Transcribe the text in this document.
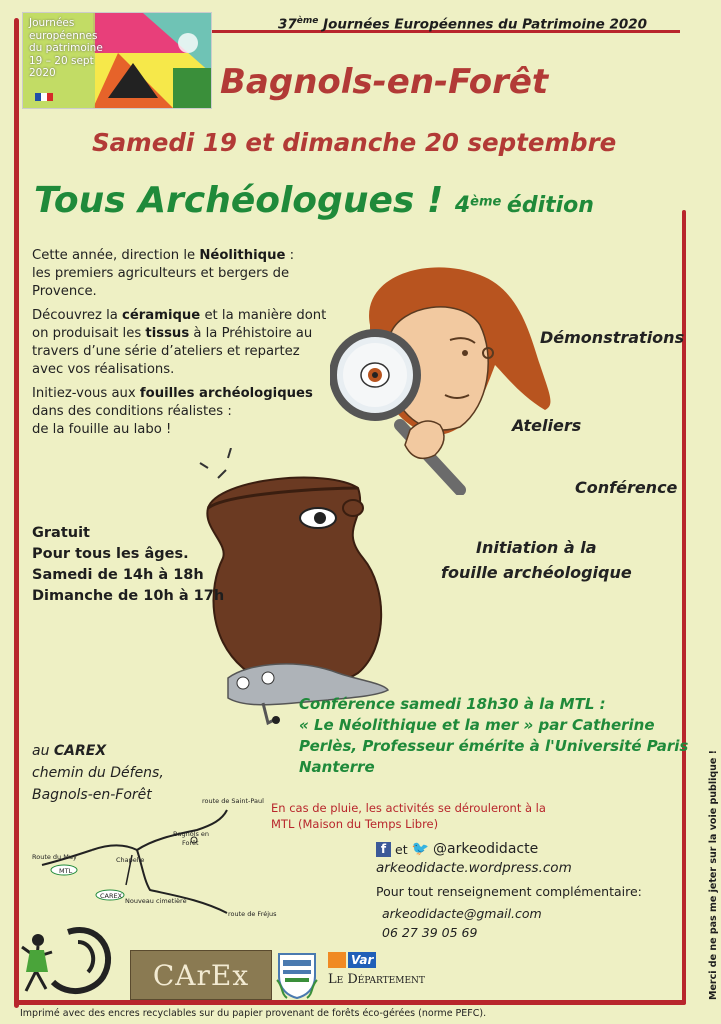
Journées
européennes
du patrimoine
19 – 20 sept
2020
37ème Journées Européennes du Patrimoine 2020
Bagnols-en-Forêt
Samedi 19 et dimanche 20 septembre
Tous Archéologues ! 4ème édition
Cette année, direction le Néolithique :
les premiers agriculteurs et bergers de
Provence.
Découvrez la céramique et la manière dont
on produisait les tissus à la Préhistoire au
travers d’une série d’ateliers et repartez
avec vos réalisations.
Initiez-vous aux fouilles archéologiques
dans des conditions réalistes :
de la fouille au labo !
Démonstrations
Ateliers
Conférence
Initiation à la
fouille archéologique
Gratuit
Pour tous les âges.
Samedi de 14h à 18h
Dimanche de 10h à 17h
Conférence samedi 18h30 à la MTL :
« Le Néolithique et la mer » par Catherine
Perlès, Professeur émérite à l'Université Paris
Nanterre
au CAREX
chemin du Défens,
Bagnols-en-Forêt
En cas de pluie, les activités se dérouleront à la
MTL (Maison du Temps Libre)
route de Saint-Paul
Bagnols en
Forêt
Route du Muy	Chapelle
MTL
CAREX
Nouveau cimetière
route de Fréjus
f et 🐦 @arkeodidacte
arkeodidacte.wordpress.com
Pour tout renseignement complémentaire:
arkeodidacte@gmail.com
06 27 39 05 69
CArEx	Var
Le Département	Merci de ne pas me jeter sur la voie publique !
Imprimé avec des encres recyclables sur du papier provenant de forêts éco-gérées (norme PEFC).
